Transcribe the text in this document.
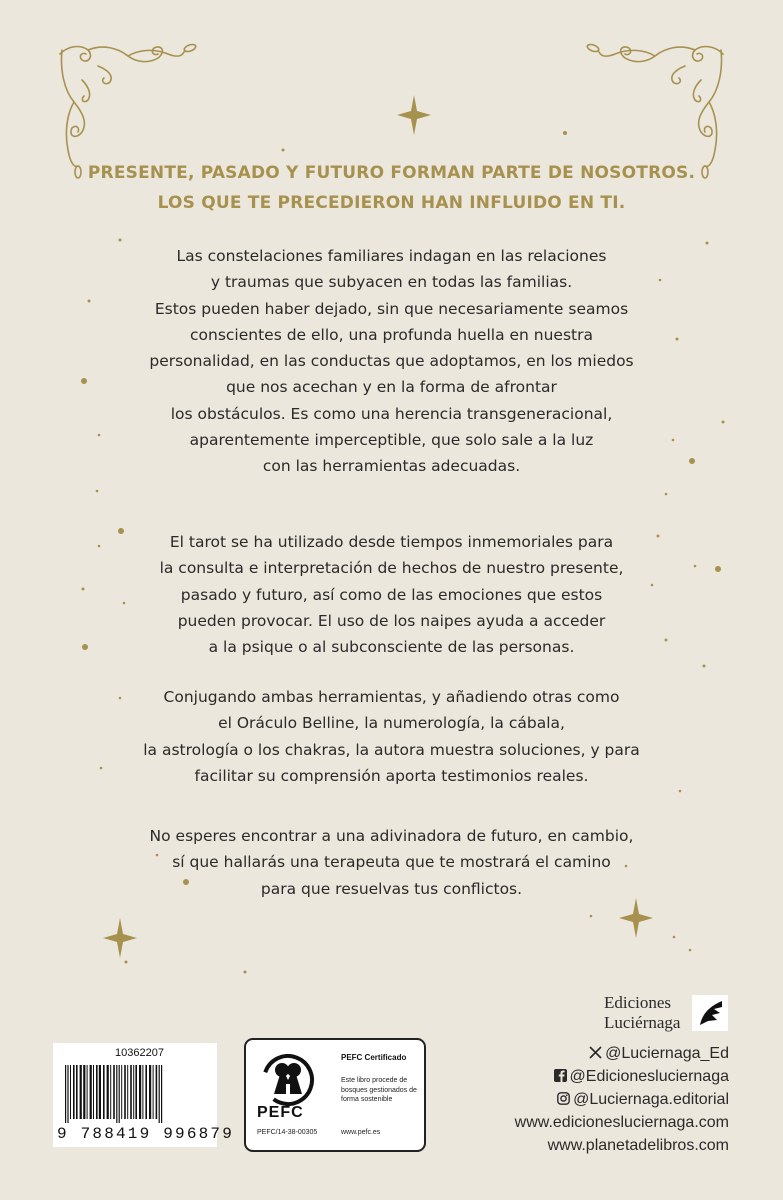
PRESENTE, PASADO Y FUTURO FORMAN PARTE DE NOSOTROS.
LOS QUE TE PRECEDIERON HAN INFLUIDO EN TI.
Las constelaciones familiares indagan en las relaciones
y traumas que subyacen en todas las familias.
Estos pueden haber dejado, sin que necesariamente seamos
conscientes de ello, una profunda huella en nuestra
personalidad, en las conductas que adoptamos, en los miedos
que nos acechan y en la forma de afrontar
los obstáculos. Es como una herencia transgeneracional,
aparentemente imperceptible, que solo sale a la luz
con las herramientas adecuadas.
El tarot se ha utilizado desde tiempos inmemoriales para
la consulta e interpretación de hechos de nuestro presente,
pasado y futuro, así como de las emociones que estos
pueden provocar. El uso de los naipes ayuda a acceder
a la psique o al subconsciente de las personas.
Conjugando ambas herramientas, y añadiendo otras como
el Oráculo Belline, la numerología, la cábala,
la astrología o los chakras, la autora muestra soluciones, y para
facilitar su comprensión aporta testimonios reales.
No esperes encontrar a una adivinadora de futuro, en cambio,
sí que hallarás una terapeuta que te mostrará el camino
para que resuelvas tus conflictos.
10362207
9 788419 996879
PEFC
PEFC/14-38-00305
PEFC Certificado
Este libro procede de bosques gestionados de forma sostenible
www.pefc.es
Ediciones
Luciérnaga
@Luciernaga_Ed
@Edicionesluciernaga
@Luciernaga.editorial
www.edicionesluciernaga.com
www.planetadelibros.com
